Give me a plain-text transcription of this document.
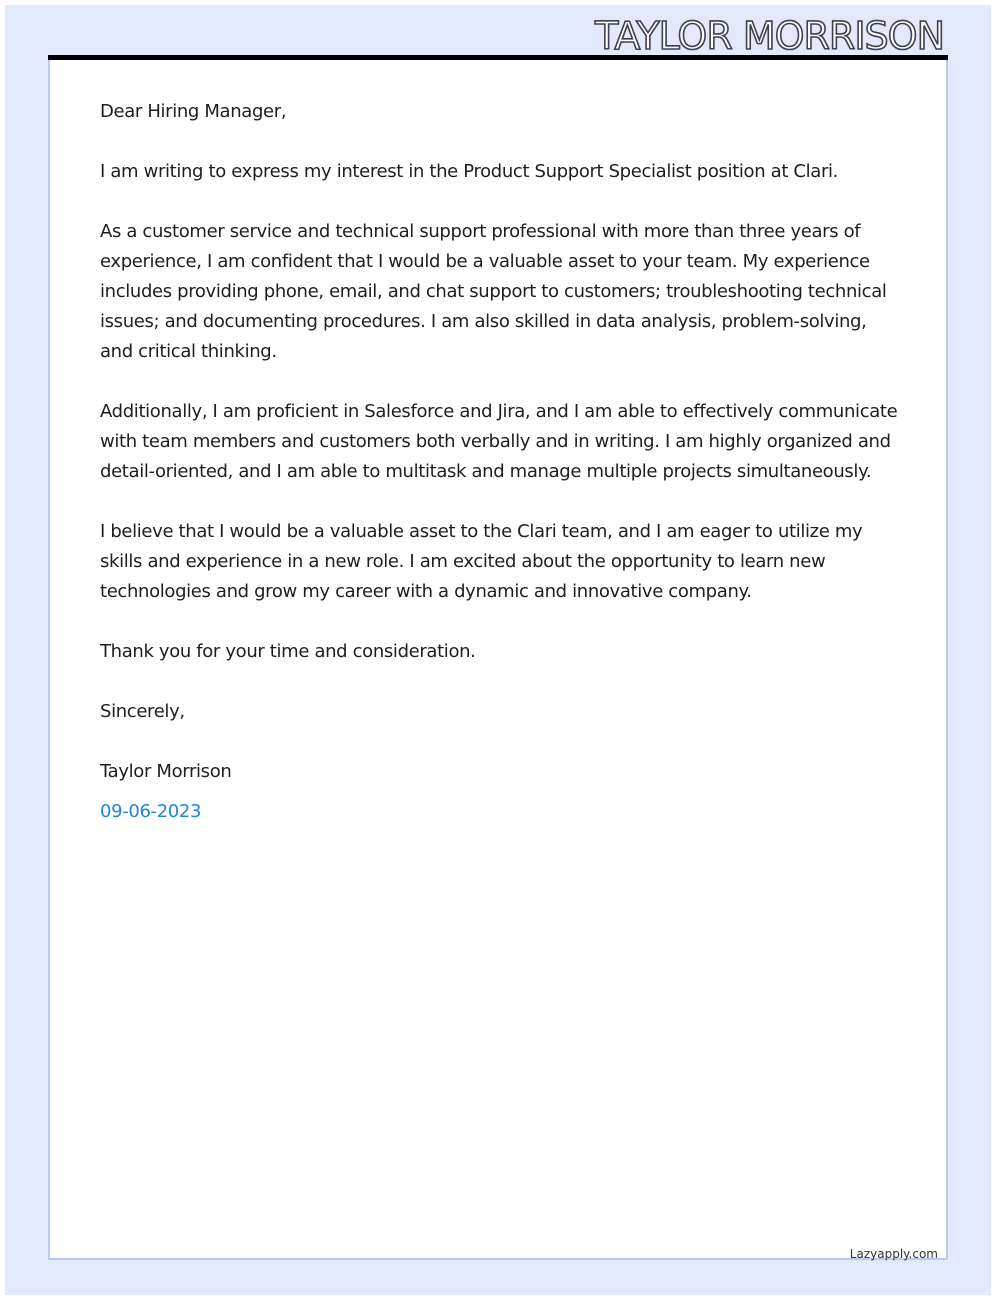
TAYLOR MORRISON

Dear Hiring Manager,

I am writing to express my interest in the Product Support Specialist position at Clari.

As a customer service and technical support professional with more than three years of experience, I am confident that I would be a valuable asset to your team. My experience includes providing phone, email, and chat support to customers; troubleshooting technical issues; and documenting procedures. I am also skilled in data analysis, problem-solving, and critical thinking.

Additionally, I am proficient in Salesforce and Jira, and I am able to effectively communicate with team members and customers both verbally and in writing. I am highly organized and detail-oriented, and I am able to multitask and manage multiple projects simultaneously.

I believe that I would be a valuable asset to the Clari team, and I am eager to utilize my skills and experience in a new role. I am excited about the opportunity to learn new technologies and grow my career with a dynamic and innovative company.

Thank you for your time and consideration.

Sincerely,

Taylor Morrison

09-06-2023

Lazyapply.com
